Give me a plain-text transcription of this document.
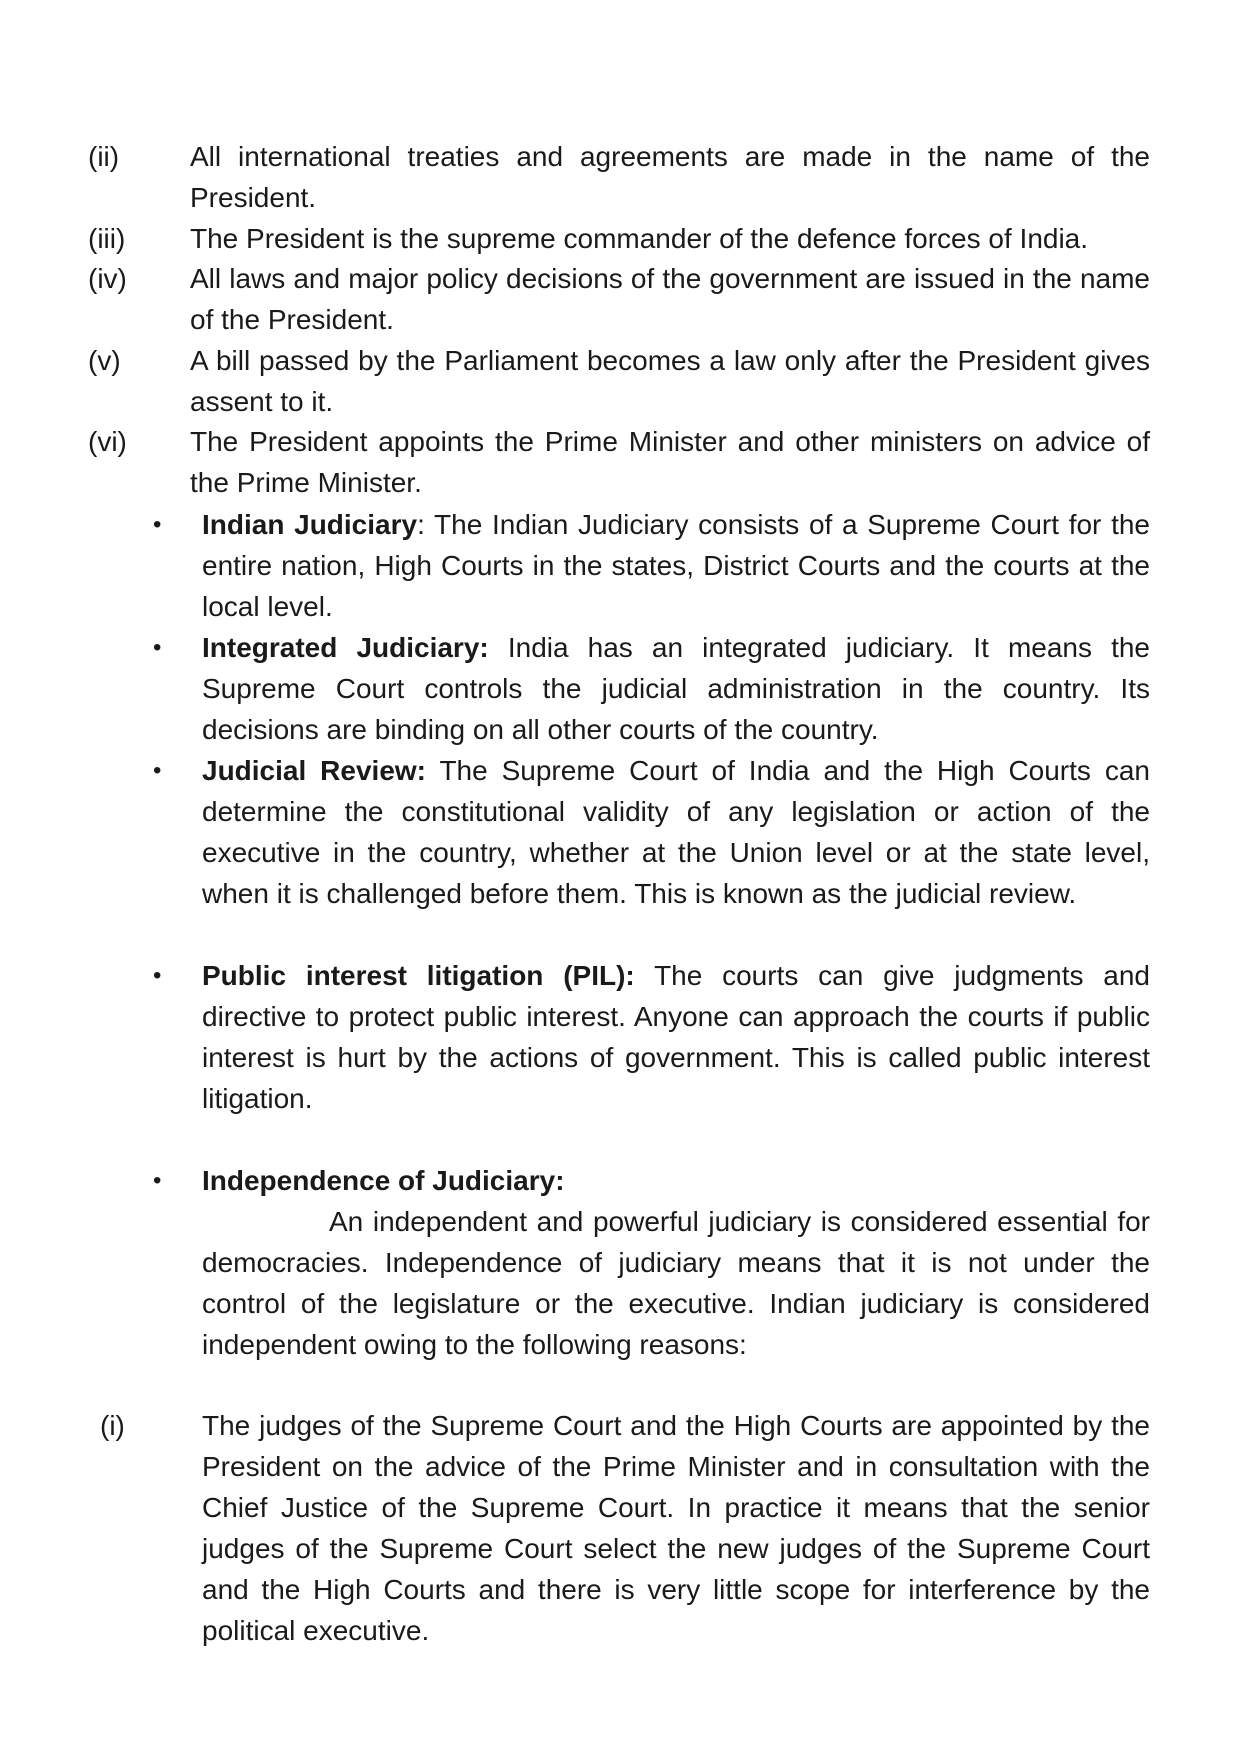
(ii)	All international treaties and agreements are made in the name of the President.
(iii)	The President is the supreme commander of the defence forces of India.
(iv)	All laws and major policy decisions of the government are issued in the name of the President.
(v)	A bill passed by the Parliament becomes a law only after the President gives assent to it.
(vi)	The President appoints the Prime Minister and other ministers on advice of the Prime Minister.
•	Indian Judiciary: The Indian Judiciary consists of a Supreme Court for the entire nation, High Courts in the states, District Courts and the courts at the local level.
•	Integrated Judiciary: India has an integrated judiciary. It means the Supreme Court controls the judicial administration in the country. Its decisions are binding on all other courts of the country.
•	Judicial Review: The Supreme Court of India and the High Courts can determine the constitutional validity of any legislation or action of the executive in the country, whether at the Union level or at the state level, when it is challenged before them. This is known as the judicial review.
•	Public interest litigation (PIL): The courts can give judgments and directive to protect public interest. Anyone can approach the courts if public interest is hurt by the actions of government. This is called public interest litigation.
•	Independence of Judiciary:
An independent and powerful judiciary is considered essential for democracies. Independence of judiciary means that it is not under the control of the legislature or the executive. Indian judiciary is considered independent owing to the following reasons:
(i)	The judges of the Supreme Court and the High Courts are appointed by the President on the advice of the Prime Minister and in consultation with the Chief Justice of the Supreme Court. In practice it means that the senior judges of the Supreme Court select the new judges of the Supreme Court and the High Courts and there is very little scope for interference by the political executive.
